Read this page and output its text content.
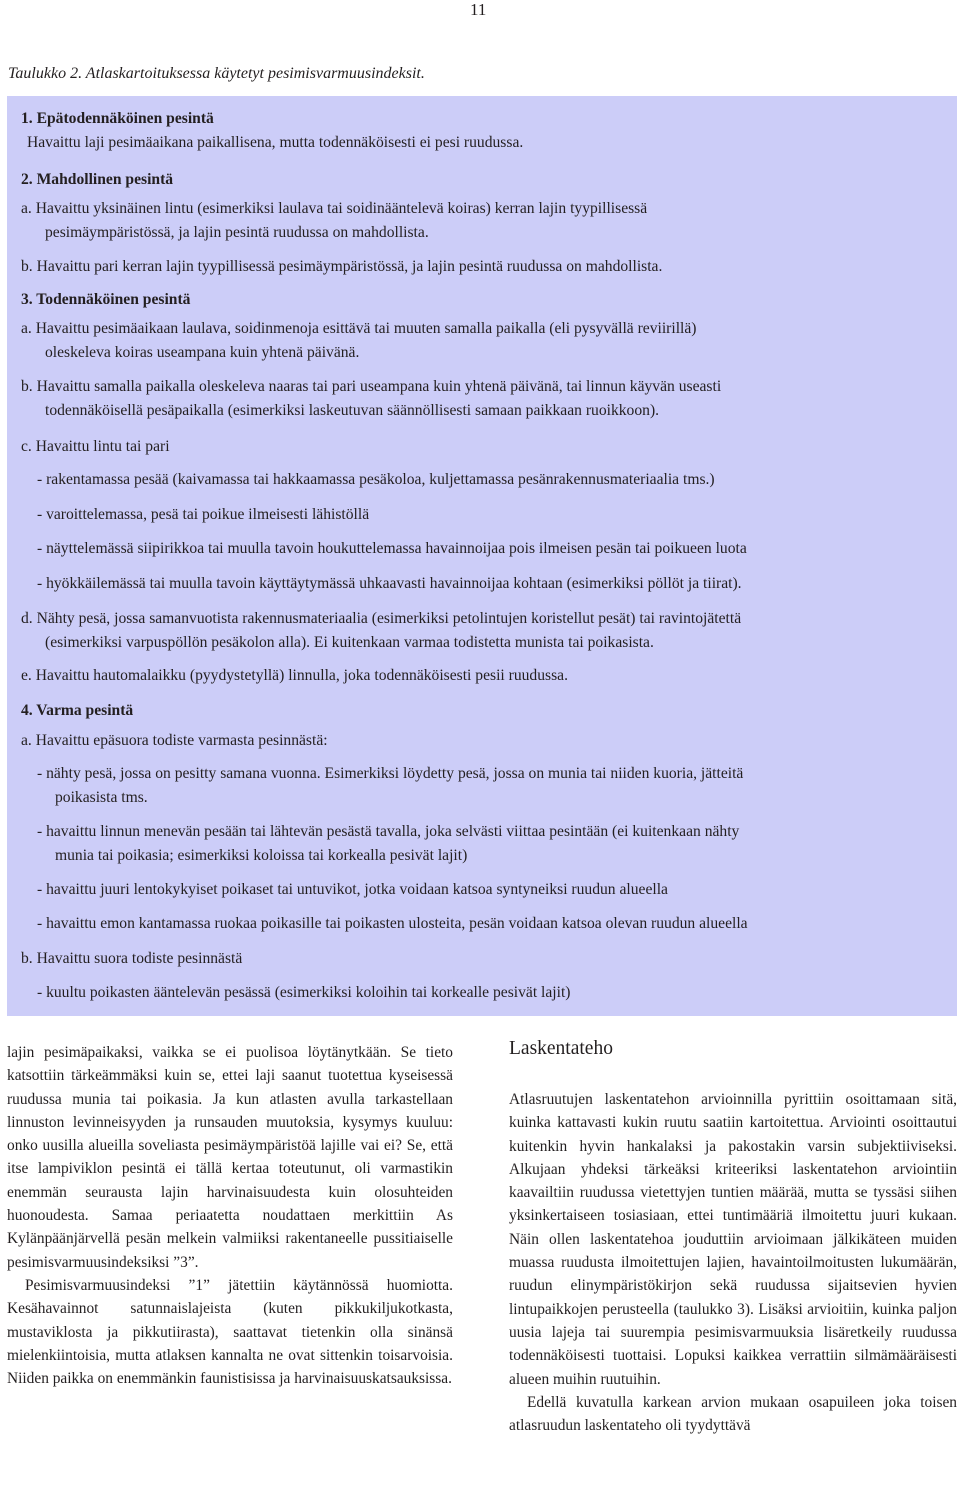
11
Taulukko 2. Atlaskartoituksessa käytetyt pesimisvarmuusindeksit.
1. Epätodennäköinen pesintä
Havaittu laji pesimäaikana paikallisena, mutta todennäköisesti ei pesi ruudussa.
2. Mahdollinen pesintä
a. Havaittu yksinäinen lintu (esimerkiksi laulava tai soidinääntelevä koiras) kerran lajin tyypillisessä
pesimäympäristössä, ja lajin pesintä ruudussa on mahdollista.
b. Havaittu pari kerran lajin tyypillisessä pesimäympäristössä, ja lajin pesintä ruudussa on mahdollista.
3. Todennäköinen pesintä
a. Havaittu pesimäaikaan laulava, soidinmenoja esittävä tai muuten samalla paikalla (eli pysyvällä reviirillä)
oleskeleva koiras useampana kuin yhtenä päivänä.
b. Havaittu samalla paikalla oleskeleva naaras tai pari useampana kuin yhtenä päivänä, tai linnun käyvän useasti
todennäköisellä pesäpaikalla (esimerkiksi laskeutuvan säännöllisesti samaan paikkaan ruoikkoon).
c. Havaittu lintu tai pari
- rakentamassa pesää (kaivamassa tai hakkaamassa pesäkoloa, kuljettamassa pesänrakennusmateriaalia tms.)
- varoittelemassa, pesä tai poikue ilmeisesti lähistöllä
- näyttelemässä siipirikkoa tai muulla tavoin houkuttelemassa havainnoijaa pois ilmeisen pesän tai poikueen luota
- hyökkäilemässä tai muulla tavoin käyttäytymässä uhkaavasti havainnoijaa kohtaan (esimerkiksi pöllöt ja tiirat).
d. Nähty pesä, jossa samanvuotista rakennusmateriaalia (esimerkiksi petolintujen koristellut pesät) tai ravintojätettä
(esimerkiksi varpuspöllön pesäkolon alla). Ei kuitenkaan varmaa todistetta munista tai poikasista.
e. Havaittu hautomalaikku (pyydystetyllä) linnulla, joka todennäköisesti pesii ruudussa.
4. Varma pesintä
a. Havaittu epäsuora todiste varmasta pesinnästä:
- nähty pesä, jossa on pesitty samana vuonna. Esimerkiksi löydetty pesä, jossa on munia tai niiden kuoria, jätteitä
poikasista tms.
- havaittu linnun menevän pesään tai lähtevän pesästä tavalla, joka selvästi viittaa pesintään (ei kuitenkaan nähty
munia tai poikasia; esimerkiksi koloissa tai korkealla pesivät lajit)
- havaittu juuri lentokykyiset poikaset tai untuvikot, jotka voidaan katsoa syntyneiksi ruudun alueella
- havaittu emon kantamassa ruokaa poikasille tai poikasten ulosteita, pesän voidaan katsoa olevan ruudun alueella
b. Havaittu suora todiste pesinnästä
- kuultu poikasten ääntelevän pesässä (esimerkiksi koloihin tai korkealle pesivät lajit)

lajin pesimäpaikaksi, vaikka se ei puolisoa löytänytkään. Se tieto katsottiin tärkeämmäksi kuin se, ettei laji saanut tuotettua kyseisessä ruudussa munia tai poikasia. Ja kun atlasten avulla tarkastellaan linnuston levinneisyyden ja runsauden muutoksia, kysymys kuuluu: onko uusilla alueilla soveliasta pesimäympäristöä lajille vai ei? Se, että itse lampiviklon pesintä ei tällä kertaa toteutunut, oli varmastikin enemmän seurausta lajin harvinaisuudesta kuin olosuhteiden huonoudesta. Samaa periaatetta noudattaen merkittiin As Kylänpäänjärvellä pesän melkein valmiiksi rakentaneelle pussitiaiselle pesimisvarmuusindeksiksi ”3”.

Pesimisvarmuusindeksi ”1” jätettiin käytännössä huomiotta. Kesähavainnot satunnaislajeista (kuten pikkukiljukotkasta, mustaviklosta ja pikkutiirasta), saattavat tietenkin olla sinänsä mielenkiintoisia, mutta atlaksen kannalta ne ovat sittenkin toisarvoisia. Niiden paikka on enemmänkin faunistisissa ja harvinaisuuskatsauksissa.

Laskentateho

Atlasruutujen laskentatehon arvioinnilla pyrittiin osoittamaan sitä, kuinka kattavasti kukin ruutu saatiin kartoitettua. Arviointi osoittautui kuitenkin hyvin hankalaksi ja pakostakin varsin subjektiiviseksi. Alkujaan yhdeksi tärkeäksi kriteeriksi laskentatehon arviointiin kaavailtiin ruudussa vietettyjen tuntien määrää, mutta se tyssäsi siihen yksinkertaiseen tosiasiaan, ettei tuntimääriä ilmoitettu juuri kukaan. Näin ollen laskentatehoa jouduttiin arvioimaan jälkikäteen muiden muassa ruudusta ilmoitettujen lajien, havaintoilmoitusten lukumäärän, ruudun elinympäristökirjon sekä ruudussa sijaitsevien hyvien lintupaikkojen perusteella (taulukko 3). Lisäksi arvioitiin, kuinka paljon uusia lajeja tai suurempia pesimisvarmuuksia lisäretkeily ruudussa todennäköisesti tuottaisi. Lopuksi kaikkea verrattiin silmämääräisesti alueen muihin ruutuihin.

Edellä kuvatulla karkean arvion mukaan osapuileen joka toisen atlasruudun laskentateho oli tyydyttävä
